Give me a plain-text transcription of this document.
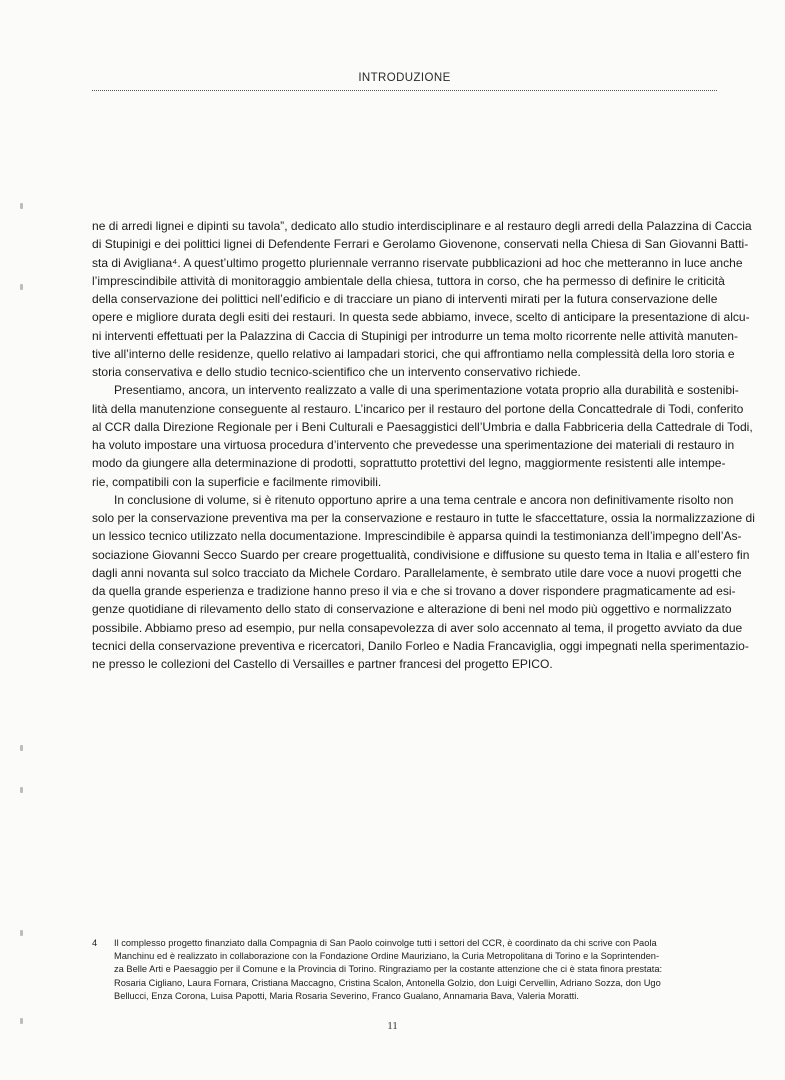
INTRODUZIONE

ne di arredi lignei e dipinti su tavola”, dedicato allo studio interdisciplinare e al restauro degli arredi della Palazzina di Caccia
di Stupinigi e dei polittici lignei di Defendente Ferrari e Gerolamo Giovenone, conservati nella Chiesa di San Giovanni Batti-
sta di Avigliana⁴. A quest’ultimo progetto pluriennale verranno riservate pubblicazioni ad hoc che metteranno in luce anche
l’imprescindibile attività di monitoraggio ambientale della chiesa, tuttora in corso, che ha permesso di definire le criticità
della conservazione dei polittici nell’edificio e di tracciare un piano di interventi mirati per la futura conservazione delle
opere e migliore durata degli esiti dei restauri. In questa sede abbiamo, invece, scelto di anticipare la presentazione di alcu-
ni interventi effettuati per la Palazzina di Caccia di Stupinigi per introdurre un tema molto ricorrente nelle attività manuten-
tive all’interno delle residenze, quello relativo ai lampadari storici, che qui affrontiamo nella complessità della loro storia e
storia conservativa e dello studio tecnico-scientifico che un intervento conservativo richiede.

Presentiamo, ancora, un intervento realizzato a valle di una sperimentazione votata proprio alla durabilità e sostenibi-
lità della manutenzione conseguente al restauro. L’incarico per il restauro del portone della Concattedrale di Todi, conferito
al CCR dalla Direzione Regionale per i Beni Culturali e Paesaggistici dell’Umbria e dalla Fabbriceria della Cattedrale di Todi,
ha voluto impostare una virtuosa procedura d’intervento che prevedesse una sperimentazione dei materiali di restauro in
modo da giungere alla determinazione di prodotti, soprattutto protettivi del legno, maggiormente resistenti alle intempe-
rie, compatibili con la superficie e facilmente rimovibili.

In conclusione di volume, si è ritenuto opportuno aprire a una tema centrale e ancora non definitivamente risolto non
solo per la conservazione preventiva ma per la conservazione e restauro in tutte le sfaccettature, ossia la normalizzazione di
un lessico tecnico utilizzato nella documentazione. Imprescindibile è apparsa quindi la testimonianza dell’impegno dell’As-
sociazione Giovanni Secco Suardo per creare progettualità, condivisione e diffusione su questo tema in Italia e all’estero fin
dagli anni novanta sul solco tracciato da Michele Cordaro. Parallelamente, è sembrato utile dare voce a nuovi progetti che
da quella grande esperienza e tradizione hanno preso il via e che si trovano a dover rispondere pragmaticamente ad esi-
genze quotidiane di rilevamento dello stato di conservazione e alterazione di beni nel modo più oggettivo e normalizzato
possibile. Abbiamo preso ad esempio, pur nella consapevolezza di aver solo accennato al tema, il progetto avviato da due
tecnici della conservazione preventiva e ricercatori, Danilo Forleo e Nadia Francaviglia, oggi impegnati nella sperimentazio-
ne presso le collezioni del Castello di Versailles e partner francesi del progetto EPICO.

4 Il complesso progetto finanziato dalla Compagnia di San Paolo coinvolge tutti i settori del CCR, è coordinato da chi scrive con Paola
Manchinu ed è realizzato in collaborazione con la Fondazione Ordine Mauriziano, la Curia Metropolitana di Torino e la Soprintenden-
za Belle Arti e Paesaggio per il Comune e la Provincia di Torino. Ringraziamo per la costante attenzione che ci è stata finora prestata:
Rosaria Cigliano, Laura Fornara, Cristiana Maccagno, Cristina Scalon, Antonella Golzio, don Luigi Cervellin, Adriano Sozza, don Ugo
Bellucci, Enza Corona, Luisa Papotti, Maria Rosaria Severino, Franco Gualano, Annamaria Bava, Valeria Moratti.
11
